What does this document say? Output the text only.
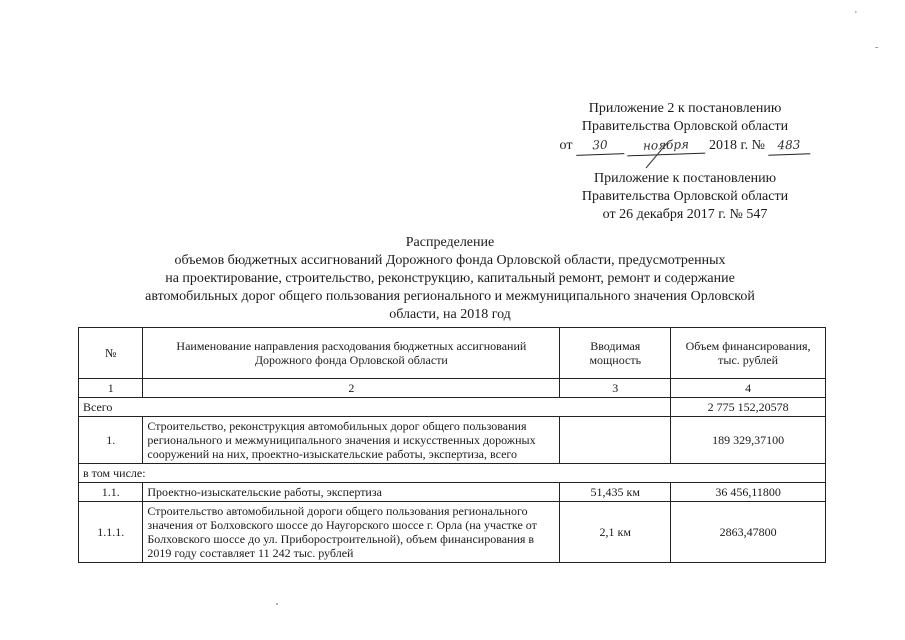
'
-
Приложение 2 к постановлению
Правительства Орловской области
от 30	ноября 2018 г. № 483
Приложение к постановлению
Правительства Орловской области
от 26 декабря 2017 г. № 547
Распределение
объемов бюджетных ассигнований Дорожного фонда Орловской области, предусмотренных
на проектирование, строительство, реконструкцию, капитальный ремонт, ремонт и содержание
автомобильных дорог общего пользования регионального и межмуниципального значения Орловской
области, на 2018 год
№	Наименование направления расходования бюджетных ассигнований Дорожного фонда Орловской области	Вводимая мощность	Объем финансирования, тыс. рублей
1	2	3	4
Всего			2 775 152,20578
1.	Строительство, реконструкция автомобильных дорог общего пользования регионального и межмуниципального значения и искусственных дорожных сооружений на них, проектно-изыскательские работы, экспертиза, всего		189 329,37100
в том числе:			
1.1.	Проектно-изыскательские работы, экспертиза	51,435 км	36 456,11800
1.1.1.	Строительство автомобильной дороги общего пользования регионального значения от Болховского шоссе до Наугорского шоссе г. Орла (на участке от Болховского шоссе до ул. Приборостроительной), объем финансирования в 2019 году составляет 11 242 тыс. рублей	2,1 км	2863,47800
